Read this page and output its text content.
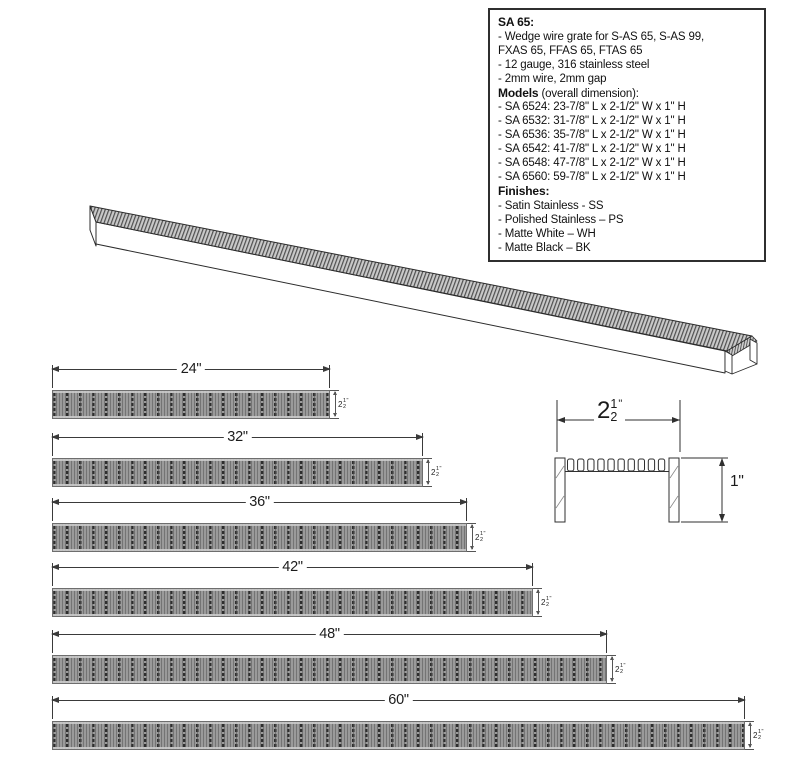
SA 65:
- Wedge wire grate for S-AS 65, S-AS 99,
FXAS 65, FFAS 65, FTAS 65
- 12 gauge, 316 stainless steel
- 2mm wire, 2mm gap
Models (overall dimension):
- SA 6524: 23-7/8" L x 2-1/2" W x 1" H
- SA 6532: 31-7/8" L x 2-1/2" W x 1" H
- SA 6536: 35-7/8" L x 2-1/2" W x 1" H
- SA 6542: 41-7/8" L x 2-1/2" W x 1" H
- SA 6548: 47-7/8" L x 2-1/2" W x 1" H
- SA 6560: 59-7/8" L x 2-1/2" W x 1" H
Finishes:
- Satin Stainless - SS
- Polished Stainless – PS
- Matte White – WH
- Matte Black – BK
24"
2 1
2
"
32"
2 1
2
"
36"
2 1
2
"
42"
2 1
2
"
48"
2 1
2
"
60"
2 1
2
"
2 1
2
"
1"
